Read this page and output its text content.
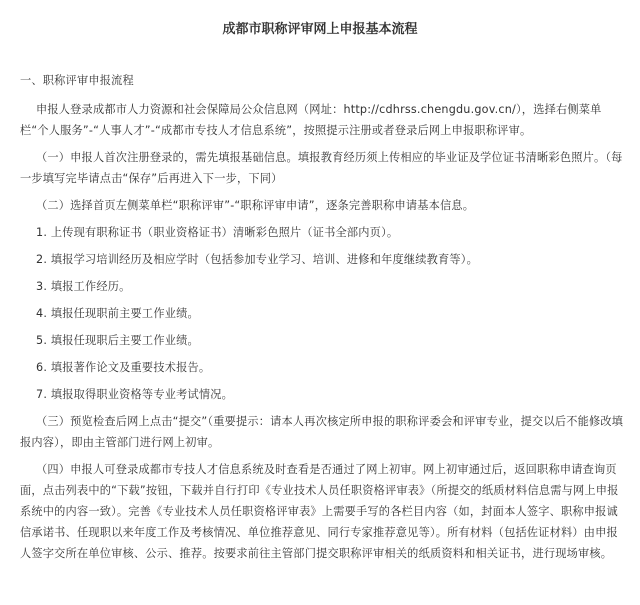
成都市职称评审网上申报基本流程

一、职称评审申报流程

申报人登录成都市人力资源和社会保障局公众信息网（网址：http://cdhrss.chengdu.gov.cn/），选择右侧菜单栏“个人服务”-“人事人才”-“成都市专技人才信息系统”，按照提示注册或者登录后网上申报职称评审。

（一）申报人首次注册登录的，需先填报基础信息。填报教育经历须上传相应的毕业证及学位证书清晰彩色照片。（每一步填写完毕请点击“保存”后再进入下一步，下同）

（二）选择首页左侧菜单栏“职称评审”-“职称评审申请”，逐条完善职称申请基本信息。

1. 上传现有职称证书（职业资格证书）清晰彩色照片（证书全部内页）。

2. 填报学习培训经历及相应学时（包括参加专业学习、培训、进修和年度继续教育等）。

3. 填报工作经历。

4. 填报任现职前主要工作业绩。

5. 填报任现职后主要工作业绩。

6. 填报著作论文及重要技术报告。

7. 填报取得职业资格等专业考试情况。

（三）预览检查后网上点击“提交”（重要提示：请本人再次核定所申报的职称评委会和评审专业，提交以后不能修改填报内容），即由主管部门进行网上初审。

（四）申报人可登录成都市专技人才信息系统及时查看是否通过了网上初审。网上初审通过后，返回职称申请查询页面，点击列表中的“下载”按钮，下载并自行打印《专业技术人员任职资格评审表》（所提交的纸质材料信息需与网上申报系统中的内容一致）。完善《专业技术人员任职资格评审表》上需要手写的各栏目内容（如，封面本人签字、职称申报诚信承诺书、任现职以来年度工作及考核情况、单位推荐意见、同行专家推荐意见等）。所有材料（包括佐证材料）由申报人签字交所在单位审核、公示、推荐。按要求前往主管部门提交职称评审相关的纸质资料和相关证书，进行现场审核。
